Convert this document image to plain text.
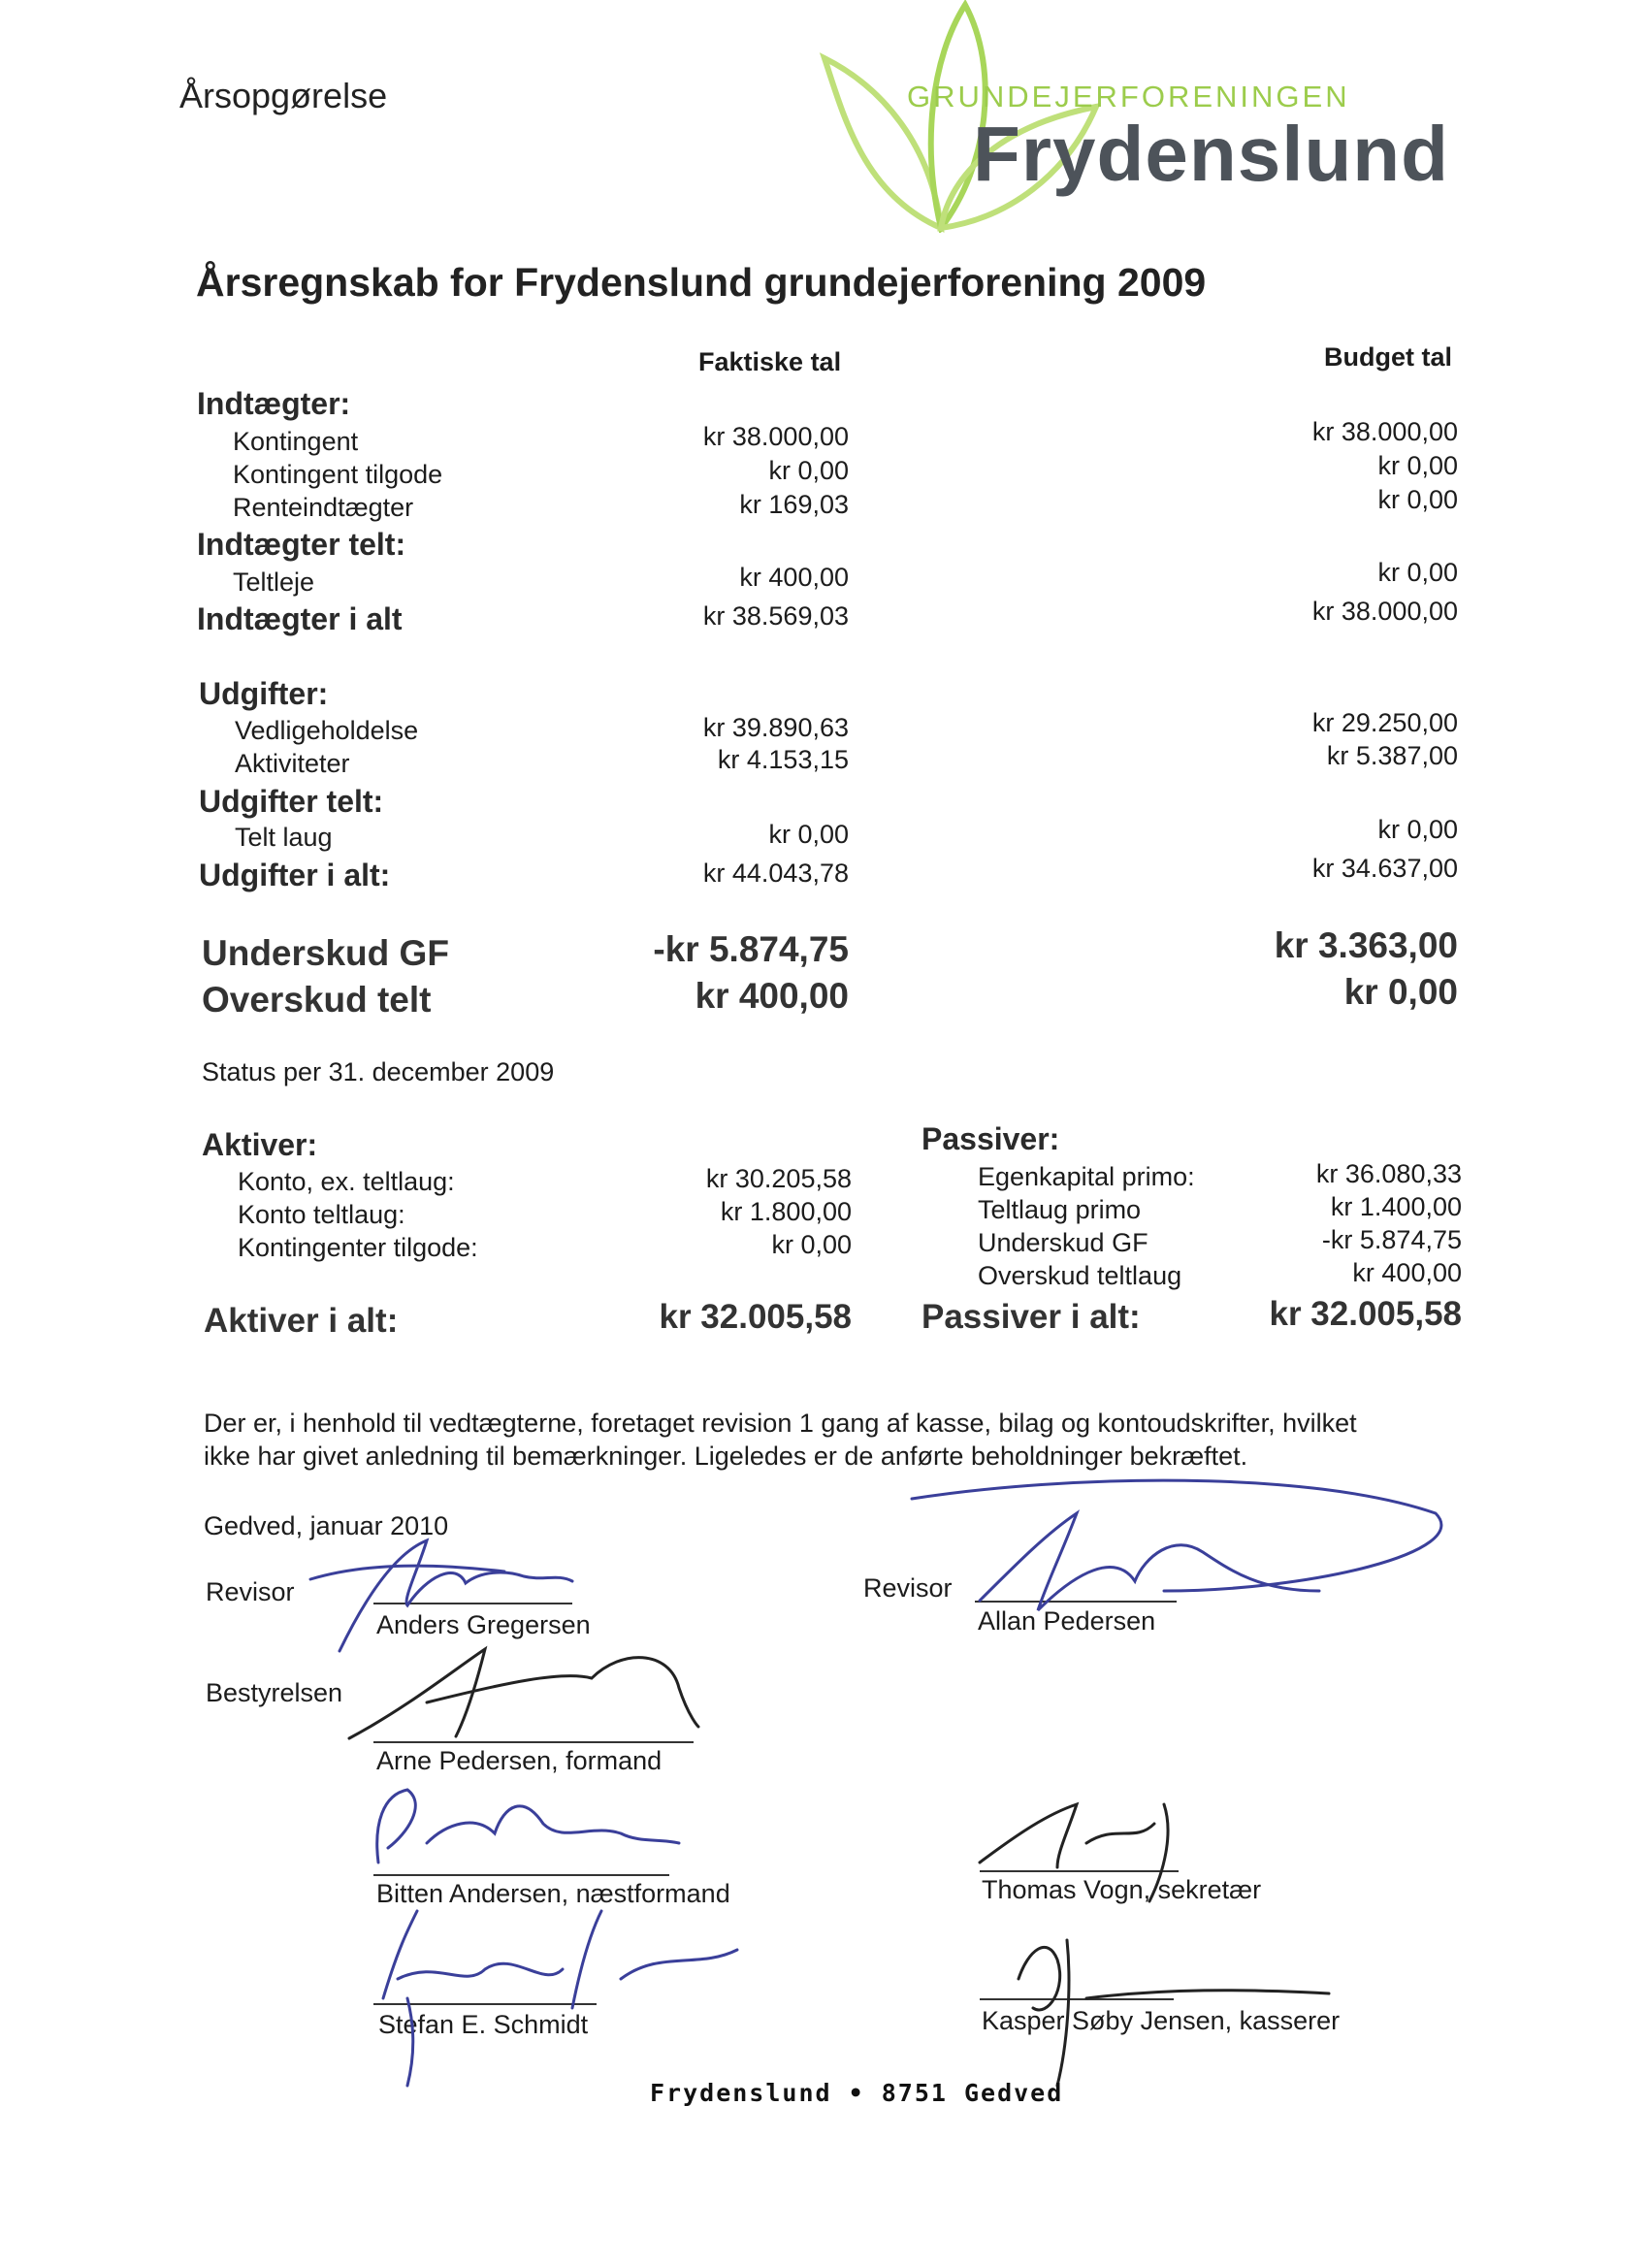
Årsopgørelse	GRUNDEJERFORENINGEN
Frydenslund
Årsregnskab for Frydenslund grundejerforening 2009
Faktiske tal	Budget tal
Indtægter:
Kontingent	kr 38.000,00	kr 38.000,00
Kontingent tilgode	kr 0,00	kr 0,00
Renteindtægter	kr 169,03	kr 0,00
Indtægter telt:
Teltleje	kr 400,00	kr 0,00
Indtægter i alt	kr 38.569,03	kr 38.000,00
Udgifter:
Vedligeholdelse	kr 39.890,63	kr 29.250,00
Aktiviteter	kr 4.153,15	kr 5.387,00
Udgifter telt:
Telt laug	kr 0,00	kr 0,00
Udgifter i alt:	kr 44.043,78	kr 34.637,00
Underskud GF	-kr 5.874,75	kr 3.363,00
Overskud telt	kr 400,00	kr 0,00
Status per 31. december 2009
Aktiver:
Konto, ex. teltlaug:	kr 30.205,58
Konto teltlaug:	kr 1.800,00
Kontingenter tilgode:	kr 0,00
Aktiver i alt:	kr 32.005,58
Passiver:
Egenkapital primo:	kr 36.080,33
Teltlaug primo	kr 1.400,00
Underskud GF	-kr 5.874,75
Overskud teltlaug	kr 400,00
Passiver i alt:	kr 32.005,58
Der er, i henhold til vedtægterne, foretaget revision 1 gang af kasse, bilag og kontoudskrifter, hvilket
ikke har givet anledning til bemærkninger. Ligeledes er de anførte beholdninger bekræftet.
Gedved, januar 2010
Revisor
Anders Gregersen
Revisor
Allan Pedersen
Bestyrelsen
Arne Pedersen, formand
Bitten Andersen, næstformand	Thomas Vogn, sekretær
Stefan E. Schmidt	Kasper Søby Jensen, kasserer
Frydenslund • 8751 Gedved
